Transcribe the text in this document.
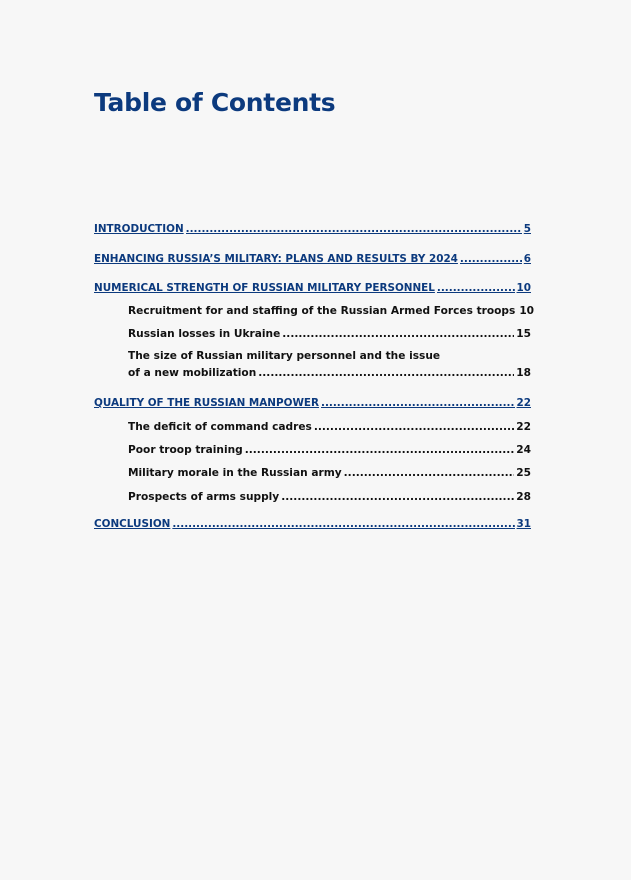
Table of Contents
INTRODUCTION .....	5
ENHANCING RUSSIA’S MILITARY: PLANS AND RESULTS BY 2024 .....	6
NUMERICAL STRENGTH OF RUSSIAN MILITARY PERSONNEL .....	10
Recruitment for and staffing of the Russian Armed Forces troops 10
Russian losses in Ukraine .....	15
The size of Russian military personnel and the issue
of a new mobilization .....	18
QUALITY OF THE RUSSIAN MANPOWER .....	22
The deficit of command cadres .....	22
Poor troop training .....	24
Military morale in the Russian army .....	25
Prospects of arms supply .....	28
CONCLUSION .....	31
